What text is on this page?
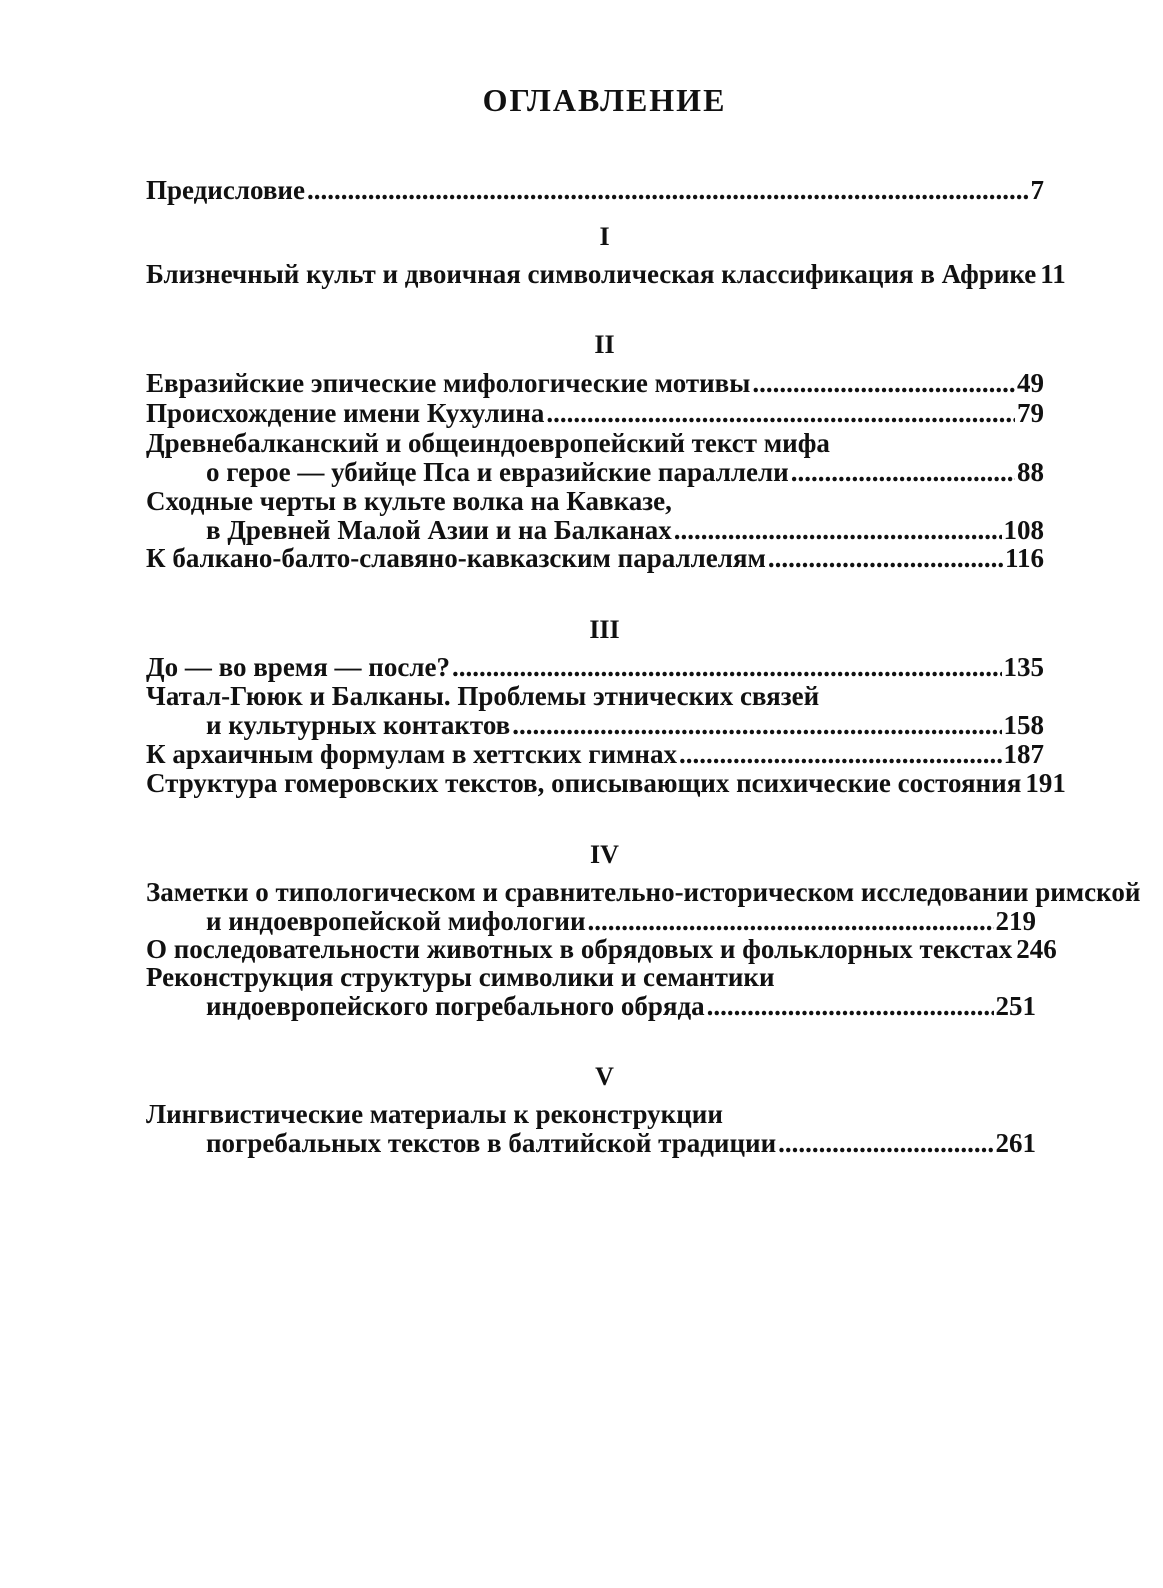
ОГЛАВЛЕНИЕ
Предисловие .....	7
I
Близнечный культ и двоичная символическая классификация в Африке 11
II
Евразийские эпические мифологические мотивы .....	49
Происхождение имени Кухулина .....	79
Древнебалканский и общеиндоевропейский текст мифа
о герое — убийце Пса и евразийские параллели .....	88
Сходные черты в культе волка на Кавказе,
в Древней Малой Азии и на Балканах .....	108
К балкано-балто-славяно-кавказским параллелям .....	116
III
До — во время — после? .....	135
Чатал-Гююк и Балканы. Проблемы этнических связей
и культурных контактов .....	158
К архаичным формулам в хеттских гимнах .....	187
Структура гомеровских текстов, описывающих психические состояния 191
IV
Заметки о типологическом и сравнительно-историческом исследовании римской
и индоевропейской мифологии .....	219
О последовательности животных в обрядовых и фольклорных текстах 246
Реконструкция структуры символики и семантики
индоевропейского погребального обряда .....	251
V
Лингвистические материалы к реконструкции
погребальных текстов в балтийской традиции .....	261
